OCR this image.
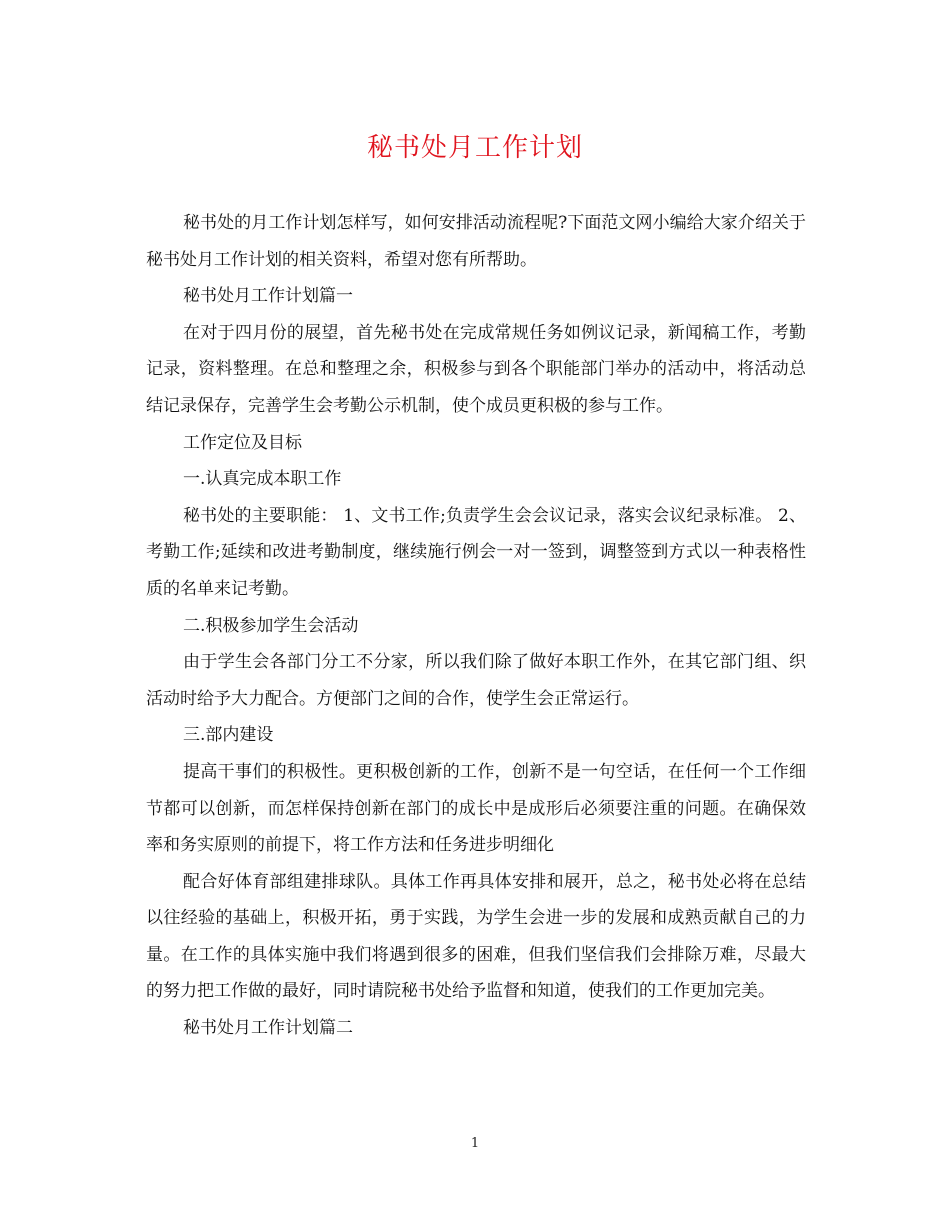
秘书处月工作计划

秘书处的月工作计划怎样写，如何安排活动流程呢?下面范文网小编给大家介绍关于秘书处月工作计划的相关资料，希望对您有所帮助。

秘书处月工作计划篇一

在对于四月份的展望，首先秘书处在完成常规任务如例议记录，新闻稿工作，考勤记录，资料整理。在总和整理之余，积极参与到各个职能部门举办的活动中，将活动总结记录保存，完善学生会考勤公示机制，使个成员更积极的参与工作。

工作定位及目标

一.认真完成本职工作

秘书处的主要职能： 1、文书工作;负责学生会会议记录，落实会议纪录标准。 2、考勤工作;延续和改进考勤制度，继续施行例会一对一签到，调整签到方式以一种表格性质的名单来记考勤。

二.积极参加学生会活动

由于学生会各部门分工不分家，所以我们除了做好本职工作外，在其它部门组、织活动时给予大力配合。方便部门之间的合作，使学生会正常运行。

三.部内建设

提高干事们的积极性。更积极创新的工作，创新不是一句空话，在任何一个工作细节都可以创新，而怎样保持创新在部门的成长中是成形后必须要注重的问题。在确保效率和务实原则的前提下，将工作方法和任务进步明细化

配合好体育部组建排球队。具体工作再具体安排和展开，总之，秘书处必将在总结以往经验的基础上，积极开拓，勇于实践，为学生会进一步的发展和成熟贡献自己的力量。在工作的具体实施中我们将遇到很多的困难，但我们坚信我们会排除万难，尽最大的努力把工作做的最好，同时请院秘书处给予监督和知道，使我们的工作更加完美。

秘书处月工作计划篇二

1
